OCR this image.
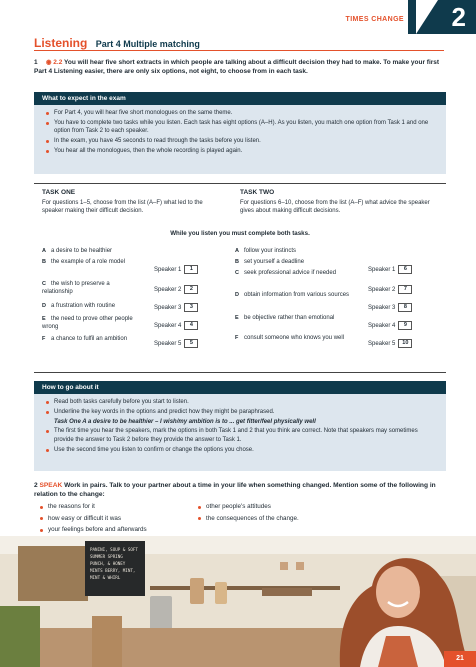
2
TIMES CHANGE
Listening Part 4 Multiple matching
1 ◉ 2.2 You will hear five short extracts in which people are talking about a difficult decision they had to make. To make your first Part 4 Listening easier, there are only six options, not eight, to choose from in each task.
What to expect in the exam
For Part 4, you will hear five short monologues on the same theme.
You have to complete two tasks while you listen. Each task has eight options (A–H). As you listen, you match one option from Task 1 and one option from Task 2 to each speaker.
In the exam, you have 45 seconds to read through the tasks before you listen.
You hear all the monologues, then the whole recording is played again.
TASK ONE
For questions 1–5, choose from the list (A–F) what led to the speaker making their difficult decision.
TASK TWO
For questions 6–10, choose from the list (A–F) what advice the speaker gives about making difficult decisions.
While you listen you must complete both tasks.
A a desire to be healthier
B the example of a role model
C the wish to preserve a relationship
D a frustration with routine
E the need to prove other people wrong
F a chance to fulfil an ambition
Speaker 1 1
Speaker 2 2
Speaker 3 3
Speaker 4 4
Speaker 5 5
A follow your instincts
B set yourself a deadline
C seek professional advice if needed
D obtain information from various sources
E be objective rather than emotional
F consult someone who knows you well
Speaker 1 6
Speaker 2 7
Speaker 3 8
Speaker 4 9
Speaker 5 10
How to go about it
Read both tasks carefully before you start to listen.
Underline the key words in the options and predict how they might be paraphrased.
Task One A a desire to be healthier – I wish/my ambition is to ... get fitter/feel physically well
The first time you hear the speakers, mark the options in both Task 1 and 2 that you think are correct. Note that speakers may sometimes provide the answer to Task 2 before they provide the answer to Task 1.
Use the second time you listen to confirm or change the options you chose.
2 SPEAK Work in pairs. Talk to your partner about a time in your life when something changed. Mention some of the following in relation to the change:
the reasons for it
how easy or difficult it was
your feelings before and afterwards
other people's attitudes
the consequences of the change.
PANINI, SOUP & SOFT
SUMMER SPRING
PUNCH, & HONEY
MINTS BERRY, MINT,
MINT & WHIRL
21
